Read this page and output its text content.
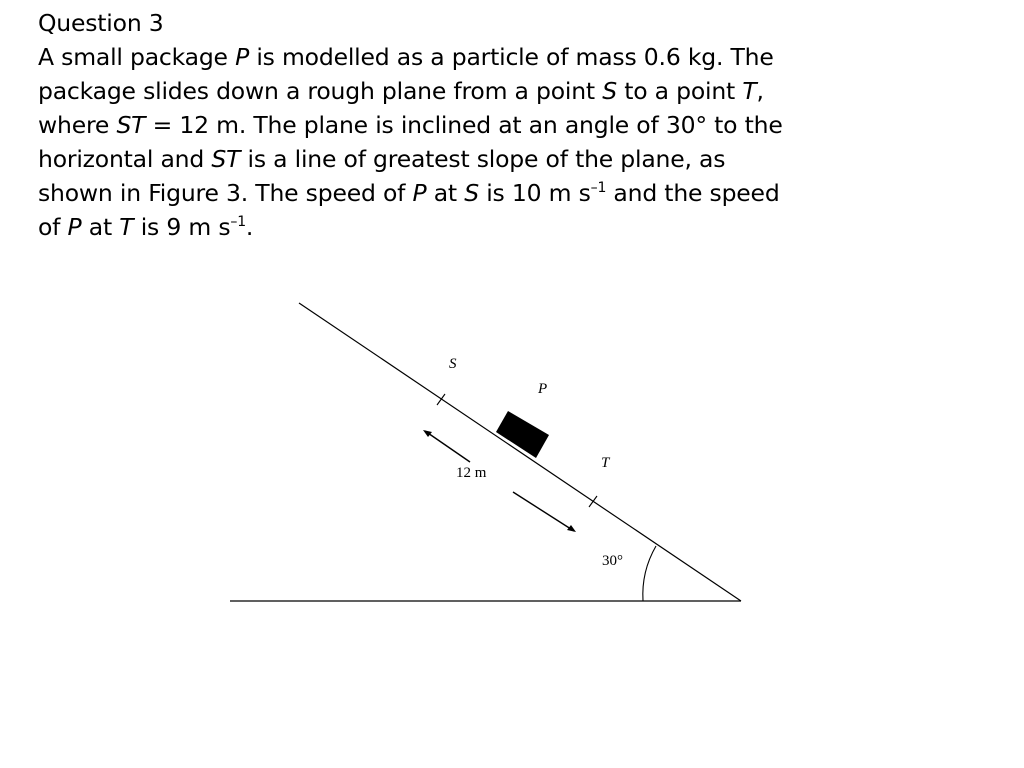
Question 3
A small package P is modelled as a particle of mass 0.6 kg. The
package slides down a rough plane from a point S to a point T,
where ST = 12 m. The plane is inclined at an angle of 30° to the
horizontal and ST is a line of greatest slope of the plane, as
shown in Figure 3. The speed of P at S is 10 m $s^{-1}$ and the speed
of P at T is 9 m $s^{-1}$.
S
P
T
12 m
30°
